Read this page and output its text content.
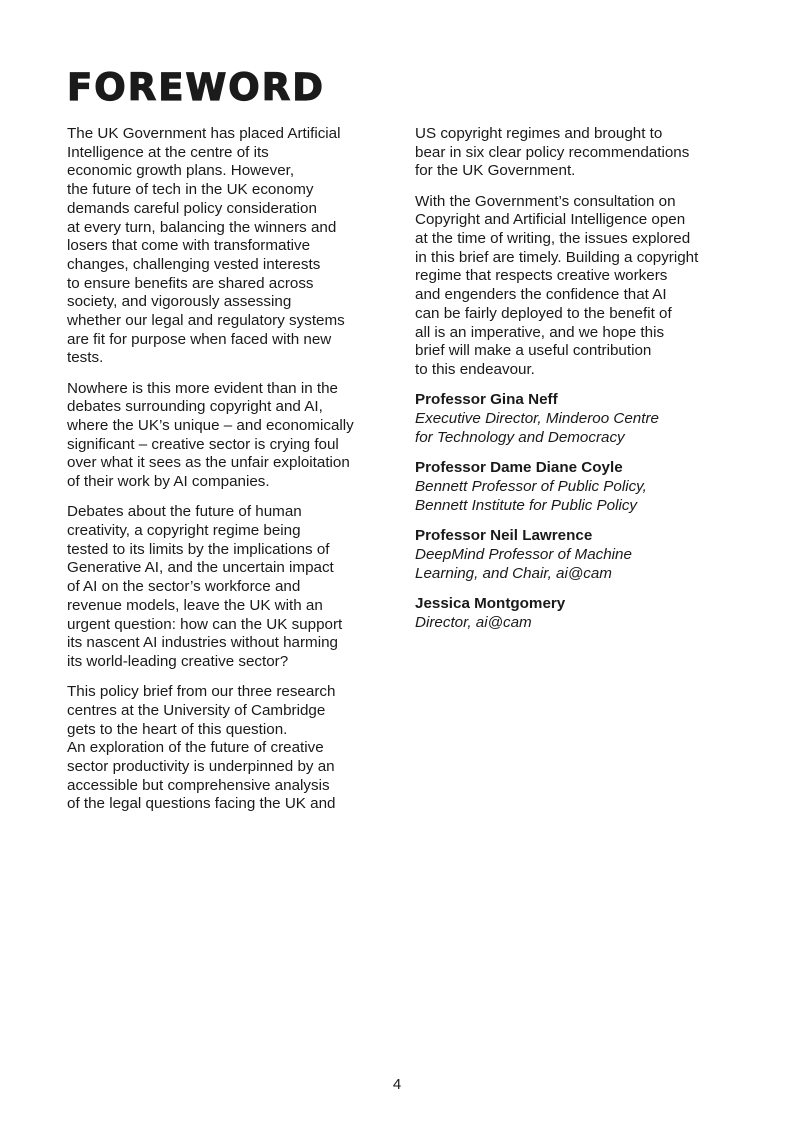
FOREWORD

The UK Government has placed Artificial
Intelligence at the centre of its
economic growth plans. However,
the future of tech in the UK economy
demands careful policy consideration
at every turn, balancing the winners and
losers that come with transformative
changes, challenging vested interests
to ensure benefits are shared across
society, and vigorously assessing
whether our legal and regulatory systems
are fit for purpose when faced with new
tests.

Nowhere is this more evident than in the
debates surrounding copyright and AI,
where the UK’s unique – and economically
significant – creative sector is crying foul
over what it sees as the unfair exploitation
of their work by AI companies.

Debates about the future of human
creativity, a copyright regime being
tested to its limits by the implications of
Generative AI, and the uncertain impact
of AI on the sector’s workforce and
revenue models, leave the UK with an
urgent question: how can the UK support
its nascent AI industries without harming
its world-leading creative sector?

This policy brief from our three research
centres at the University of Cambridge
gets to the heart of this question.
An exploration of the future of creative
sector productivity is underpinned by an
accessible but comprehensive analysis
of the legal questions facing the UK and

US copyright regimes and brought to
bear in six clear policy recommendations
for the UK Government.

With the Government’s consultation on
Copyright and Artificial Intelligence open
at the time of writing, the issues explored
in this brief are timely. Building a copyright
regime that respects creative workers
and engenders the confidence that AI
can be fairly deployed to the benefit of
all is an imperative, and we hope this
brief will make a useful contribution
to this endeavour.

Professor Gina Neff
Executive Director, Minderoo Centre
for Technology and Democracy
Professor Dame Diane Coyle
Bennett Professor of Public Policy,
Bennett Institute for Public Policy
Professor Neil Lawrence
DeepMind Professor of Machine
Learning, and Chair, ai@cam
Jessica Montgomery
Director, ai@cam
4
